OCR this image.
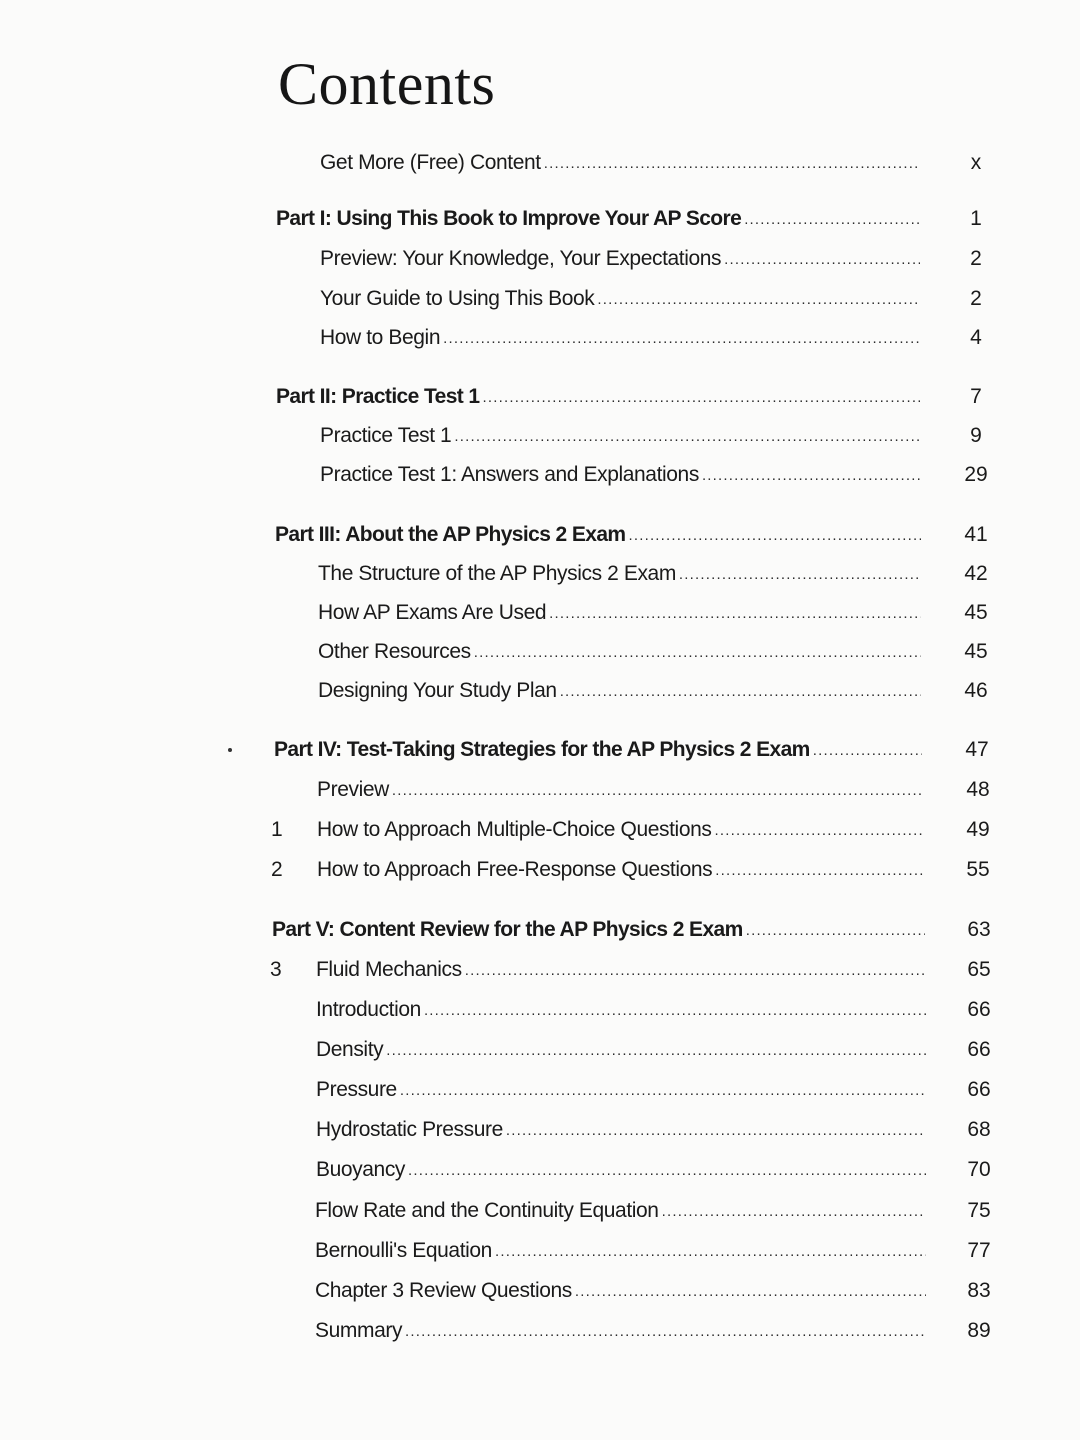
Contents
Get More (Free) Content .....	x
Part I: Using This Book to Improve Your AP Score .....	1
Preview: Your Knowledge, Your Expectations .....	2
Your Guide to Using This Book .....	2
How to Begin .....	4
Part II: Practice Test 1 .....	7
Practice Test 1 .....	9
Practice Test 1: Answers and Explanations .....	29
Part III: About the AP Physics 2 Exam .....	41
The Structure of the AP Physics 2 Exam .....	42
How AP Exams Are Used .....	45
Other Resources .....	45
Designing Your Study Plan .....	46
Part IV: Test-Taking Strategies for the AP Physics 2 Exam .....	47
Preview .....	48
1 How to Approach Multiple-Choice Questions .....	49
2 How to Approach Free-Response Questions .....	55
Part V: Content Review for the AP Physics 2 Exam .....	63
3 Fluid Mechanics .....	65
Introduction .....	66
Density .....	66
Pressure .....	66
Hydrostatic Pressure .....	68
Buoyancy .....	70
Flow Rate and the Continuity Equation .....	75
Bernoulli's Equation .....	77
Chapter 3 Review Questions .....	83
Summary .....	89
